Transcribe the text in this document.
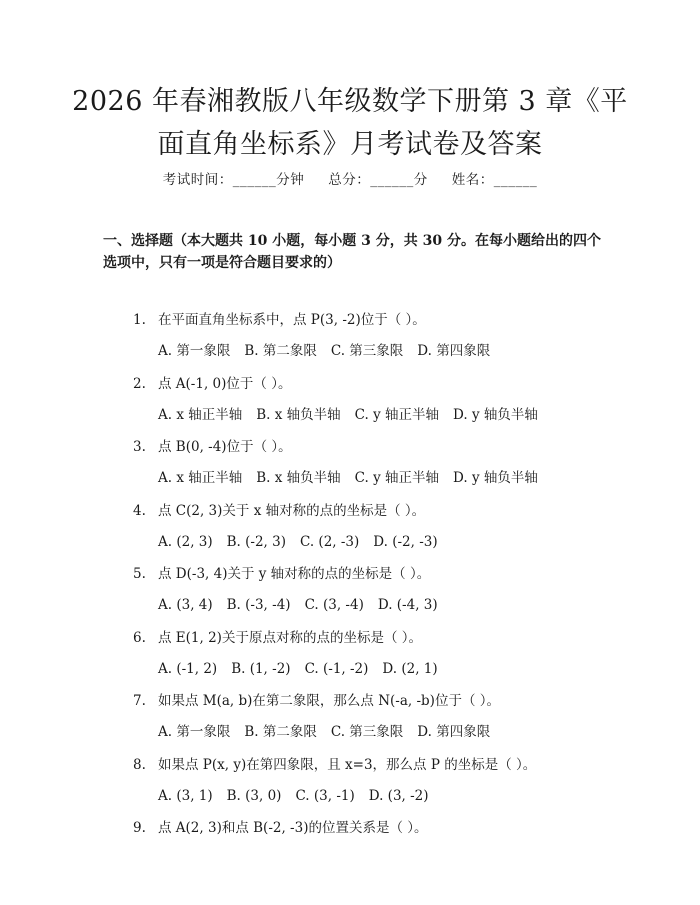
2026 年春湘教版八年级数学下册第 3 章《平面直角坐标系》月考试卷及答案
考试时间：______分钟 总分：______分 姓名：______
一、选择题（本大题共 10 小题，每小题 3 分，共 30 分。在每小题给出的四个选项中，只有一项是符合题目要求的）
1. 在平面直角坐标系中，点 P(3, -2)位于（ ）。
A. 第一象限 B. 第二象限 C. 第三象限 D. 第四象限
2. 点 A(-1, 0)位于（ ）。
A. x 轴正半轴 B. x 轴负半轴 C. y 轴正半轴 D. y 轴负半轴
3. 点 B(0, -4)位于（ ）。
A. x 轴正半轴 B. x 轴负半轴 C. y 轴正半轴 D. y 轴负半轴
4. 点 C(2, 3)关于 x 轴对称的点的坐标是（ ）。
A. (2, 3) B. (-2, 3) C. (2, -3) D. (-2, -3)
5. 点 D(-3, 4)关于 y 轴对称的点的坐标是（ ）。
A. (3, 4) B. (-3, -4) C. (3, -4) D. (-4, 3)
6. 点 E(1, 2)关于原点对称的点的坐标是（ ）。
A. (-1, 2) B. (1, -2) C. (-1, -2) D. (2, 1)
7. 如果点 M(a, b)在第二象限，那么点 N(-a, -b)位于（ ）。
A. 第一象限 B. 第二象限 C. 第三象限 D. 第四象限
8. 如果点 P(x, y)在第四象限，且 x=3，那么点 P 的坐标是（ ）。
A. (3, 1) B. (3, 0) C. (3, -1) D. (3, -2)
9. 点 A(2, 3)和点 B(-2, -3)的位置关系是（ ）。
